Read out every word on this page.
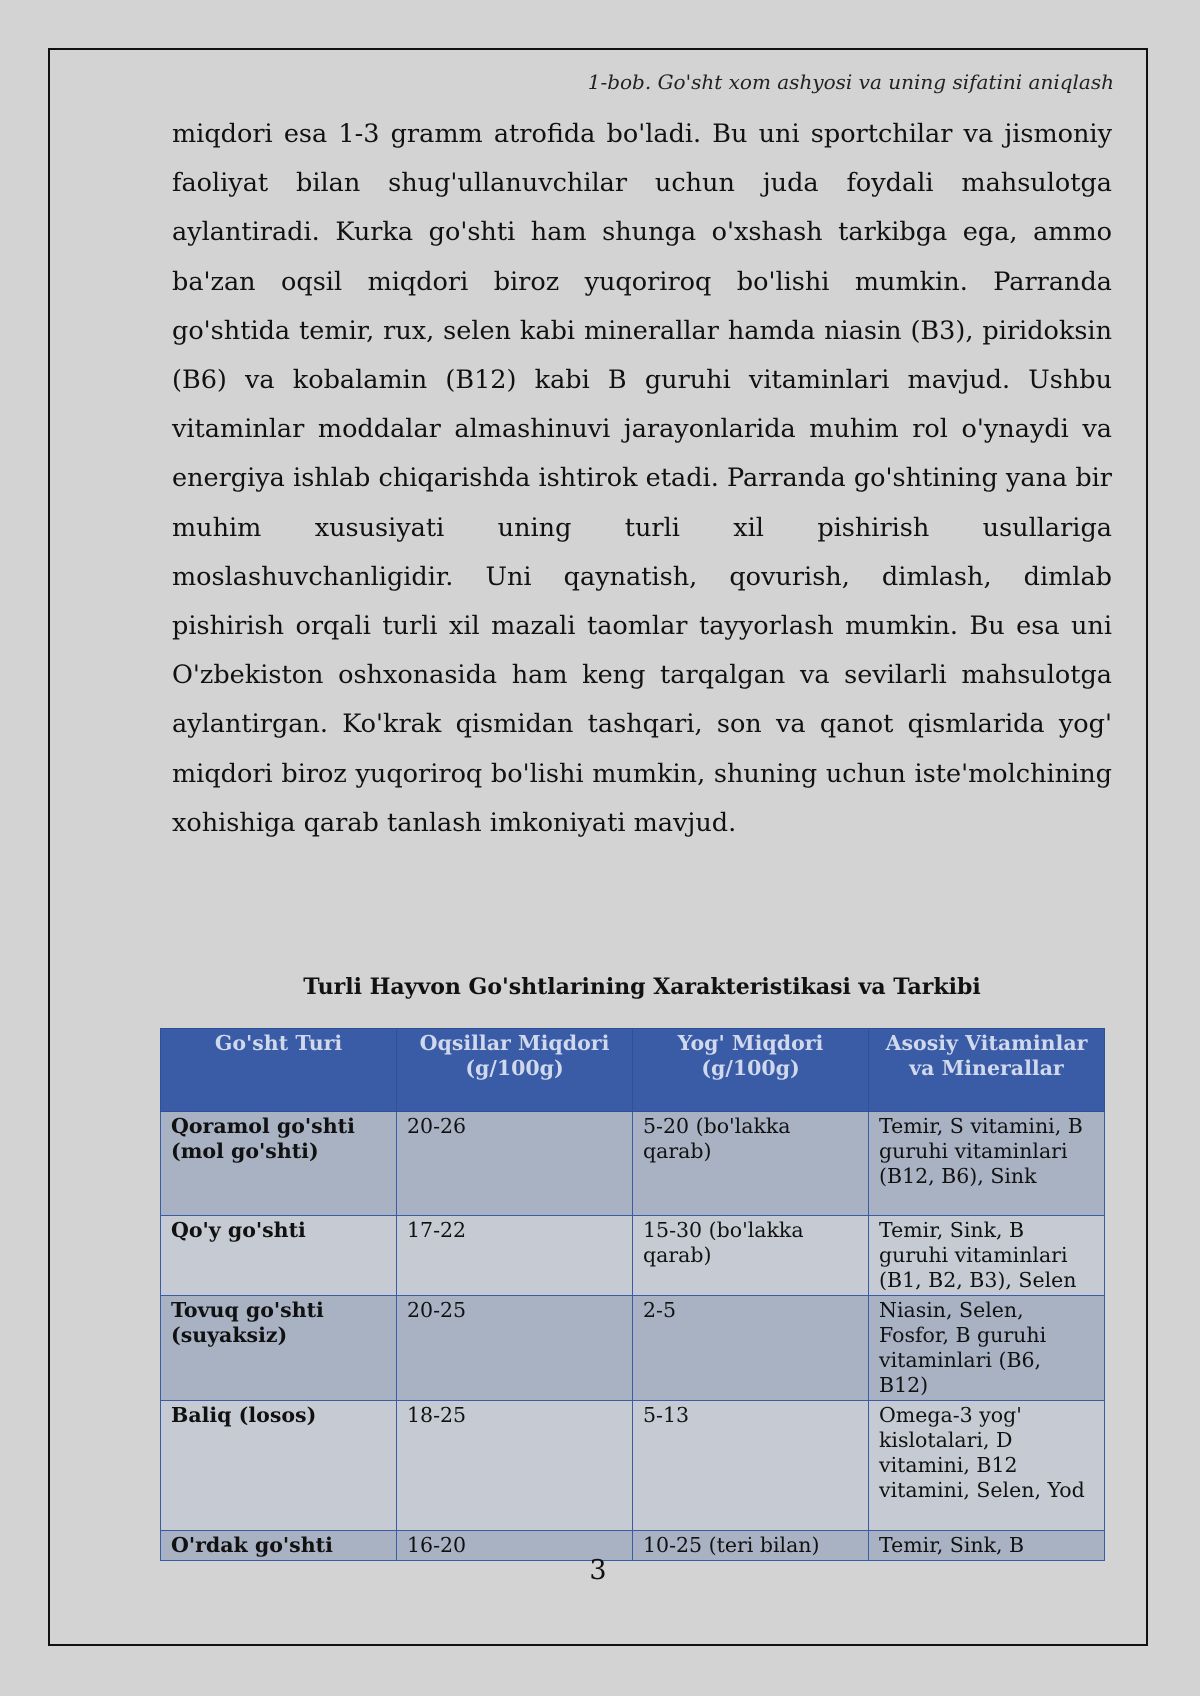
1-bob. Go'sht xom ashyosi va uning sifatini aniqlash

miqdori esa 1-3 gramm atrofida bo'ladi. Bu uni sportchilar va jismoniy faoliyat bilan shug'ullanuvchilar uchun juda foydali mahsulotga aylantiradi. Kurka go'shti ham shunga o'xshash tarkibga ega, ammo ba'zan oqsil miqdori biroz yuqoriroq bo'lishi mumkin. Parranda go'shtida temir, rux, selen kabi minerallar hamda niasin (B3), piridoksin (B6) va kobalamin (B12) kabi B guruhi vitaminlari mavjud. Ushbu vitaminlar moddalar almashinuvi jarayonlarida muhim rol o'ynaydi va energiya ishlab chiqarishda ishtirok etadi. Parranda go'shtining yana bir muhim xususiyati uning turli xil pishirish usullariga moslashuvchanligidir. Uni qaynatish, qovurish, dimlash, dimlab pishirish orqali turli xil mazali taomlar tayyorlash mumkin. Bu esa uni O'zbekiston oshxonasida ham keng tarqalgan va sevilarli mahsulotga aylantirgan. Ko'krak qismidan tashqari, son va qanot qismlarida yog' miqdori biroz yuqoriroq bo'lishi mumkin, shuning uchun iste'molchining xohishiga qarab tanlash imkoniyati mavjud.

Turli Hayvon Go'shtlarining Xarakteristikasi va Tarkibi
Go'sht Turi	Oqsillar Miqdori (g/100g)	Yog' Miqdori (g/100g)	Asosiy Vitaminlar va Minerallar
Qoramol go'shti (mol go'shti)	20-26	5-20 (bo'lakka qarab)	Temir, S vitamini, B guruhi vitaminlari (B12, B6), Sink
Qo'y go'shti	17-22	15-30 (bo'lakka qarab)	Temir, Sink, B guruhi vitaminlari (B1, B2, B3), Selen
Tovuq go'shti (suyaksiz)	20-25	2-5	Niasin, Selen, Fosfor, B guruhi vitaminlari (B6, B12)
Baliq (losos)	18-25	5-13	Omega-3 yog' kislotalari, D vitamini, B12 vitamini, Selen, Yod
O'rdak go'shti	16-20	10-25 (teri bilan)	Temir, Sink, B
3
